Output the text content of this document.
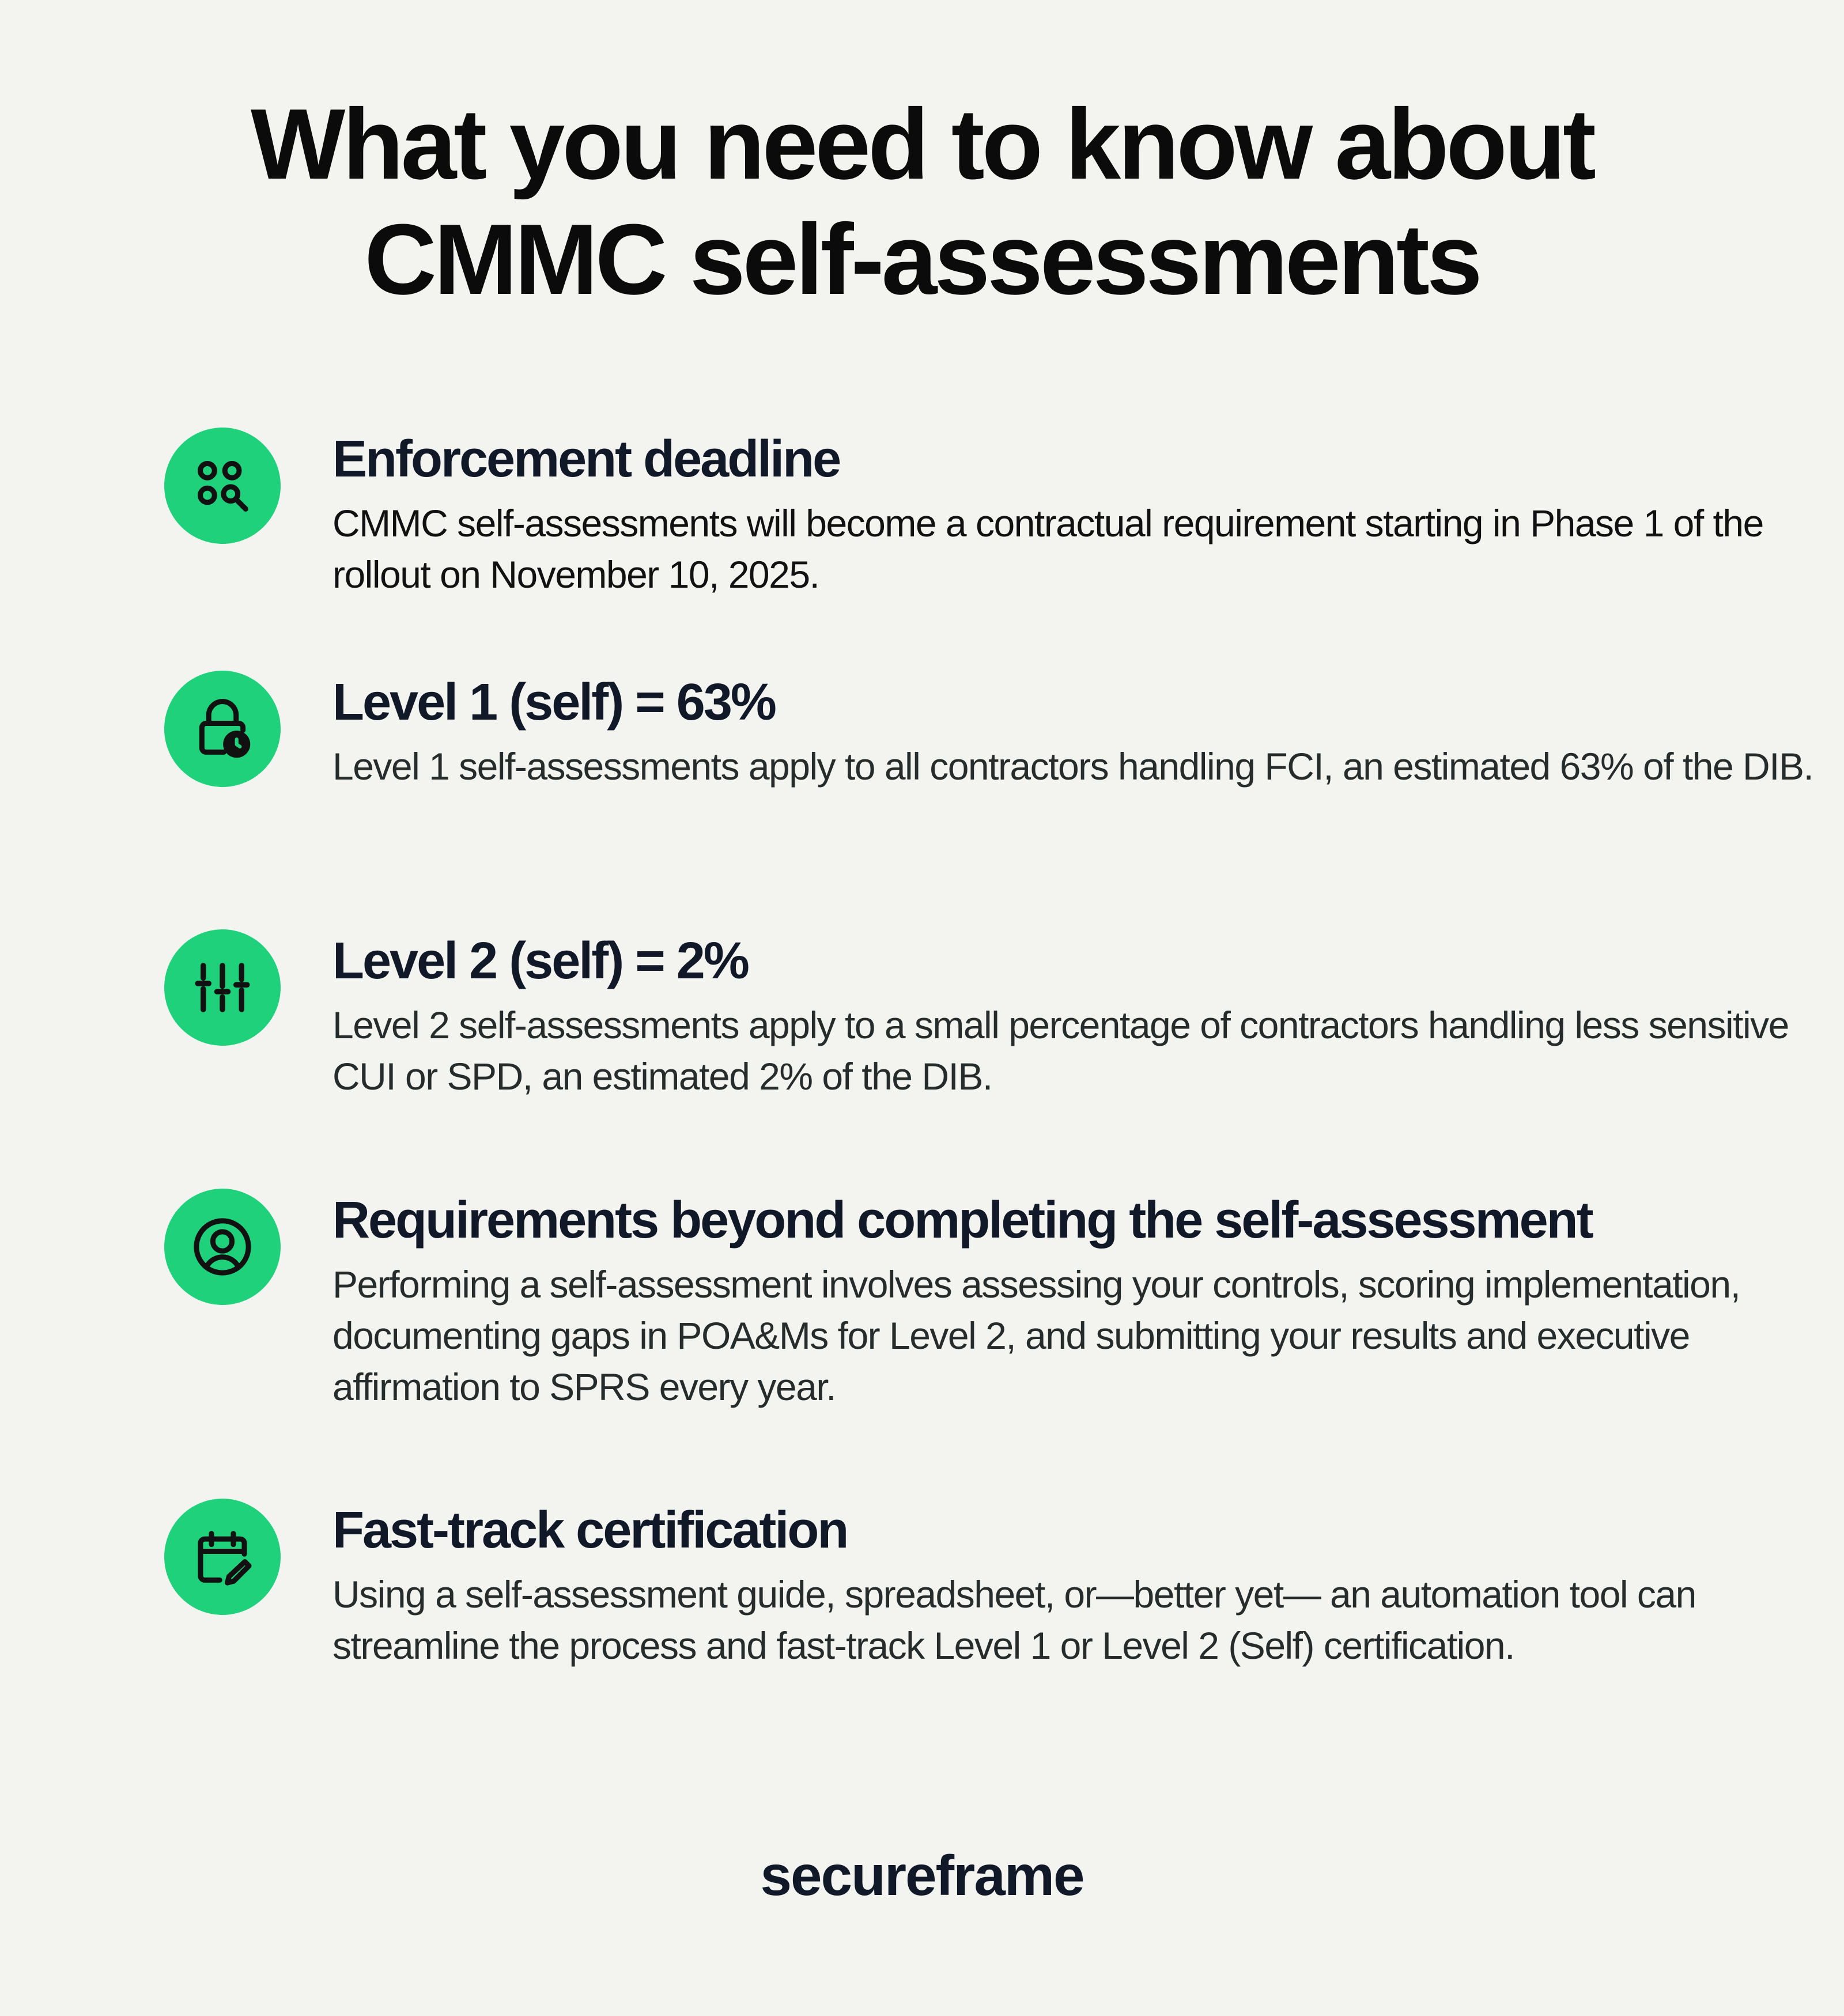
What you need to know about
CMMC self-assessments
Enforcement deadline

CMMC self-assessments will become a contractual requirement starting in Phase 1 of the rollout on November 10, 2025.

Level 1 (self) = 63%

Level 1 self-assessments apply to all contractors handling FCI, an estimated 63% of the DIB.

Level 2 (self) = 2%

Level 2 self-assessments apply to a small percentage of contractors handling less sensitive CUI or SPD, an estimated 2% of the DIB.

Requirements beyond completing the self-assessment

Performing a self-assessment involves assessing your controls, scoring implementation, documenting gaps in POA&Ms for Level 2, and submitting your results and executive affirmation to SPRS every year.

Fast-track certification

Using a self-assessment guide, spreadsheet, or—better yet— an automation tool can streamline the process and fast-track Level 1 or Level 2 (Self) certification.

secureframe
